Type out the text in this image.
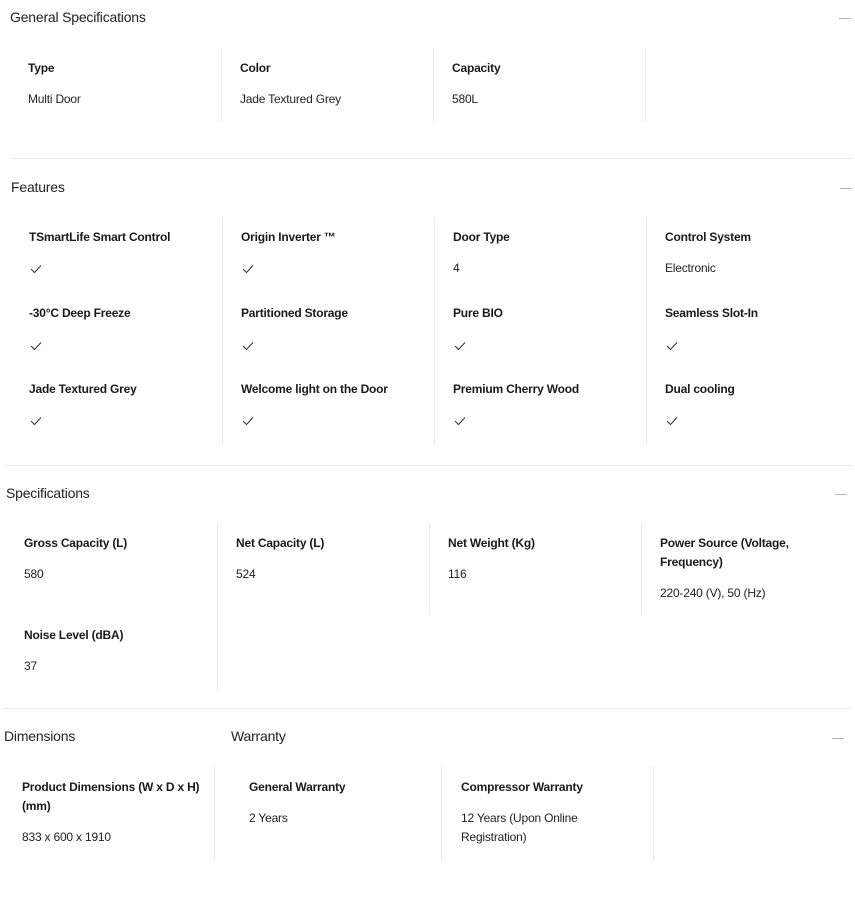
General Specifications
Type
Multi Door
Color
Jade Textured Grey
Capacity
580L
Features
TSmartLife Smart Control
-30°C Deep Freeze
Jade Textured Grey
Origin Inverter ™
Partitioned Storage
Welcome light on the Door
Door Type
4
Pure BIO
Premium Cherry Wood
Control System
Electronic
Seamless Slot-In
Dual cooling
Specifications
Gross Capacity (L)
580
Net Capacity (L)
524
Net Weight (Kg)
116
Power Source (Voltage,
Frequency)
220-240 (V), 50 (Hz)
Noise Level (dBA)
37
Dimensions
Product Dimensions (W x D x H)
(mm)
833 x 600 x 1910
Warranty
General Warranty
2 Years
Compressor Warranty
12 Years (Upon Online
Registration)
